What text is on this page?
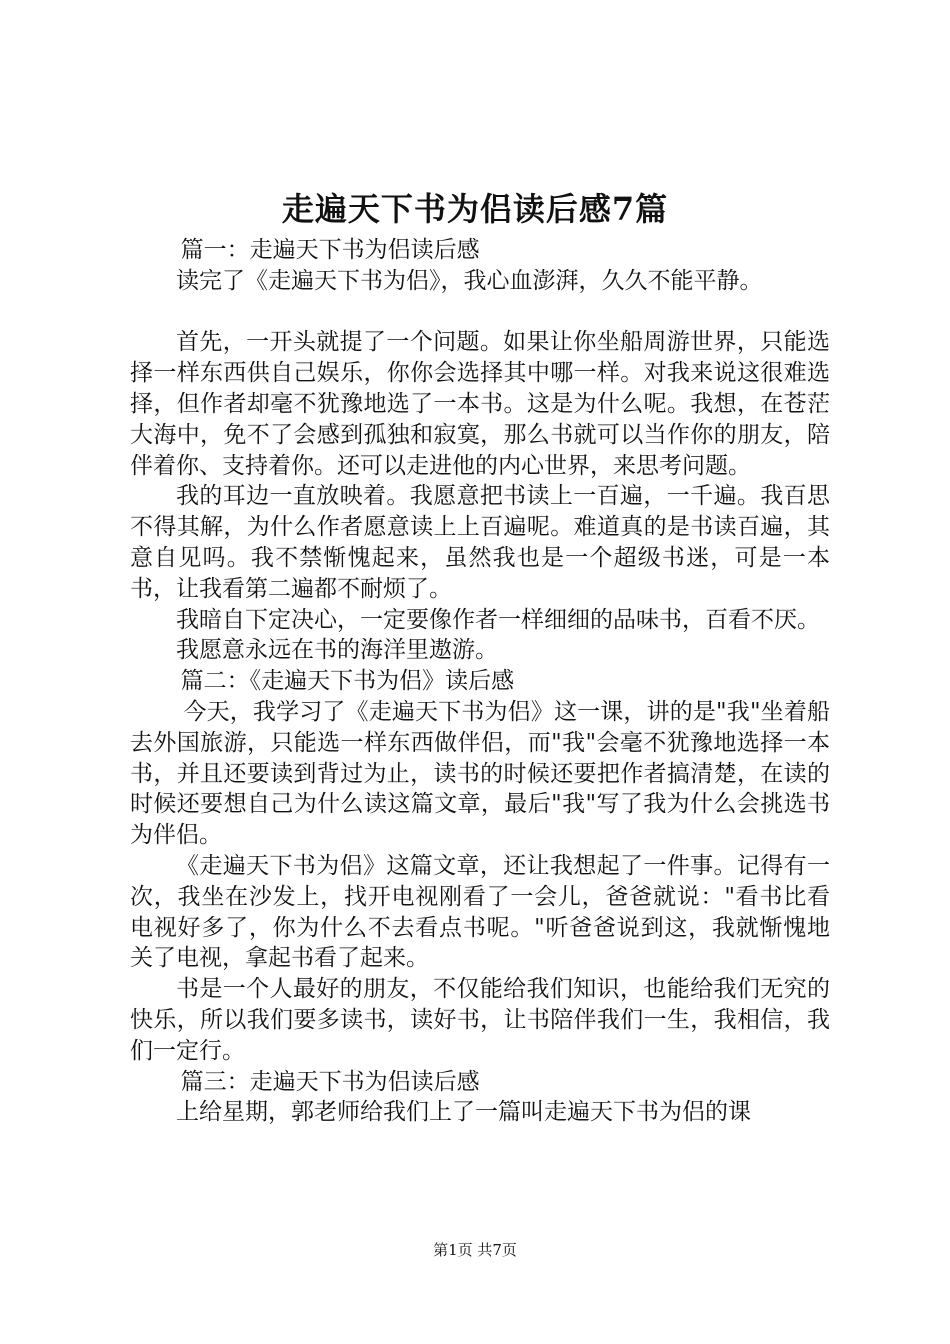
走遍天下书为侣读后感7篇

篇一：走遍天下书为侣读后感

读完了《走遍天下书为侣》，我心血澎湃，久久不能平静。

首先，一开头就提了一个问题。如果让你坐船周游世界，只能选择一样东西供自己娱乐，你你会选择其中哪一样。对我来说这很难选择，但作者却毫不犹豫地选了一本书。这是为什么呢。我想，在苍茫大海中，免不了会感到孤独和寂寞，那么书就可以当作你的朋友，陪伴着你、支持着你。还可以走进他的内心世界，来思考问题。

我的耳边一直放映着。我愿意把书读上一百遍，一千遍。我百思不得其解，为什么作者愿意读上上百遍呢。难道真的是书读百遍，其意自见吗。我不禁惭愧起来，虽然我也是一个超级书迷，可是一本书，让我看第二遍都不耐烦了。

我暗自下定决心，一定要像作者一样细细的品味书，百看不厌。

我愿意永远在书的海洋里遨游。

篇二：《走遍天下书为侣》读后感

今天，我学习了《走遍天下书为侣》这一课，讲的是"我"坐着船去外国旅游，只能选一样东西做伴侣，而"我"会毫不犹豫地选择一本书，并且还要读到背过为止，读书的时候还要把作者搞清楚，在读的时候还要想自己为什么读这篇文章，最后"我"写了我为什么会挑选书为伴侣。

《走遍天下书为侣》这篇文章，还让我想起了一件事。记得有一次，我坐在沙发上，找开电视刚看了一会儿，爸爸就说："看书比看电视好多了，你为什么不去看点书呢。"听爸爸说到这，我就惭愧地关了电视，拿起书看了起来。

书是一个人最好的朋友，不仅能给我们知识，也能给我们无究的快乐，所以我们要多读书，读好书，让书陪伴我们一生，我相信，我们一定行。

篇三：走遍天下书为侣读后感

上给星期，郭老师给我们上了一篇叫走遍天下书为侣的课

第1页 共7页
